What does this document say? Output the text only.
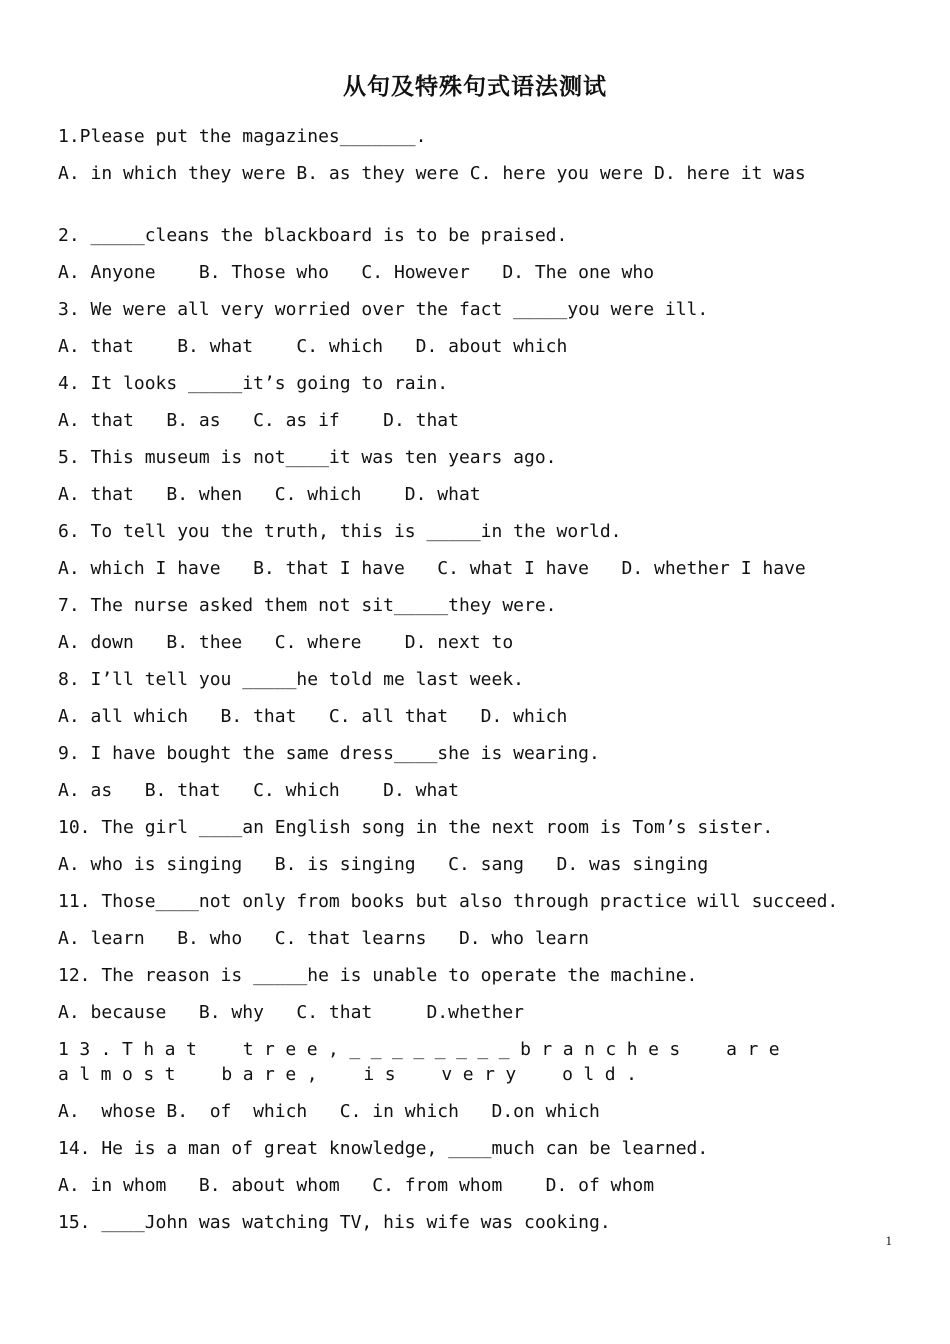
从句及特殊句式语法测试
1.Please put the magazines_______.
A. in which they were B. as they were C. here you were D. here it was
2. _____cleans the blackboard is to be praised.
A. Anyone    B. Those who   C. However   D. The one who
3. We were all very worried over the fact _____you were ill.
A. that    B. what    C. which   D. about which
4. It looks _____it’s going to rain.
A. that   B. as   C. as if    D. that
5. This museum is not____it was ten years ago.
A. that   B. when   C. which    D. what
6. To tell you the truth, this is _____in the world.
A. which I have   B. that I have   C. what I have   D. whether I have
7. The nurse asked them not sit_____they were.
A. down   B. thee   C. where    D. next to
8. I’ll tell you _____he told me last week.
A. all which   B. that   C. all that   D. which
9. I have bought the same dress____she is wearing.
A. as   B. that   C. which    D. what
10. The girl ____an English song in the next room is Tom’s sister.
A. who is singing   B. is singing   C. sang   D. was singing
11. Those____not only from books but also through practice will succeed.
A. learn   B. who   C. that learns   D. who learn
12. The reason is _____he is unable to operate the machine.
A. because   B. why   C. that     D.whether
13.That tree,________branches are almost bare, is very old.
A.  whose B.  of  which   C. in which   D.on which
14. He is a man of great knowledge, ____much can be learned.
A. in whom   B. about whom   C. from whom    D. of whom
15. ____John was watching TV, his wife was cooking.
1
